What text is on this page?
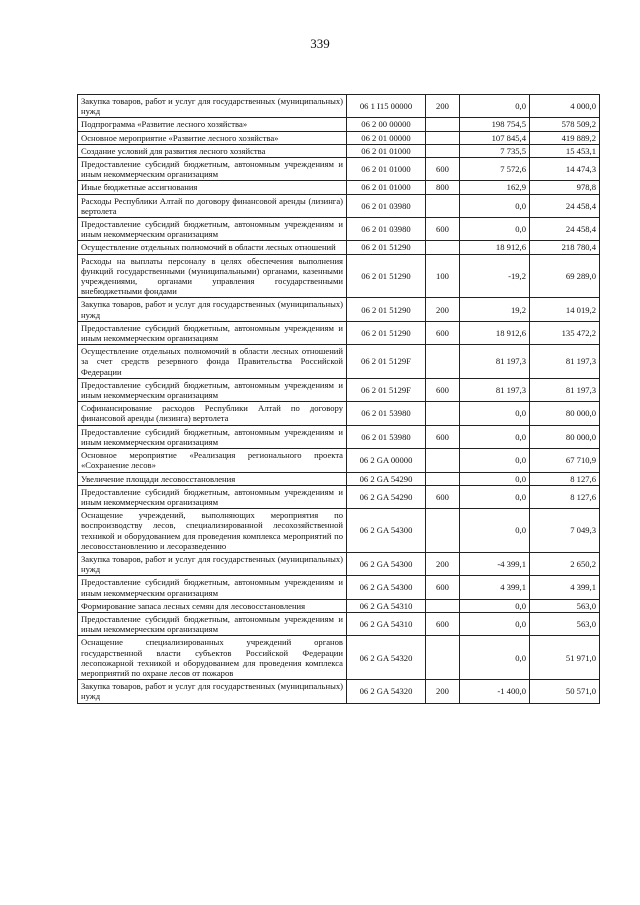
339
Закупка товаров, работ и услуг для государственных (муниципальных) нужд	06 1 I15 00000	200	0,0	4 000,0
Подпрограмма «Развитие лесного хозяйства»	06 2 00 00000		198 754,5	578 509,2
Основное мероприятие «Развитие лесного хозяйства»	06 2 01 00000		107 845,4	419 889,2
Создание условий для развития лесного хозяйства	06 2 01 01000		7 735,5	15 453,1
Предоставление субсидий бюджетным, автономным учреждениям и иным некоммерческим организациям	06 2 01 01000	600	7 572,6	14 474,3
Иные бюджетные ассигнования	06 2 01 01000	800	162,9	978,8
Расходы Республики Алтай по договору финансовой аренды (лизинга) вертолета	06 2 01 03980		0,0	24 458,4
Предоставление субсидий бюджетным, автономным учреждениям и иным некоммерческим организациям	06 2 01 03980	600	0,0	24 458,4
Осуществление отдельных полномочий в области лесных отношений	06 2 01 51290		18 912,6	218 780,4
Расходы на выплаты персоналу в целях обеспечения выполнения функций государственными (муниципальными) органами, казенными учреждениями, органами управления государственными внебюджетными фондами	06 2 01 51290	100	-19,2	69 289,0
Закупка товаров, работ и услуг для государственных (муниципальных) нужд	06 2 01 51290	200	19,2	14 019,2
Предоставление субсидий бюджетным, автономным учреждениям и иным некоммерческим организациям	06 2 01 51290	600	18 912,6	135 472,2
Осуществление отдельных полномочий в области лесных отношений за счет средств резервного фонда Правительства Российской Федерации	06 2 01 5129F		81 197,3	81 197,3
Предоставление субсидий бюджетным, автономным учреждениям и иным некоммерческим организациям	06 2 01 5129F	600	81 197,3	81 197,3
Софинансирование расходов Республики Алтай по договору финансовой аренды (лизинга) вертолета	06 2 01 53980		0,0	80 000,0
Предоставление субсидий бюджетным, автономным учреждениям и иным некоммерческим организациям	06 2 01 53980	600	0,0	80 000,0
Основное мероприятие «Реализация регионального проекта «Сохранение лесов»	06 2 GA 00000		0,0	67 710,9
Увеличение площади лесовосстановления	06 2 GA 54290		0,0	8 127,6
Предоставление субсидий бюджетным, автономным учреждениям и иным некоммерческим организациям	06 2 GA 54290	600	0,0	8 127,6
Оснащение учреждений, выполняющих мероприятия по воспроизводству лесов, специализированной лесохозяйственной техникой и оборудованием для проведения комплекса мероприятий по лесовосстановлению и лесоразведению	06 2 GA 54300		0,0	7 049,3
Закупка товаров, работ и услуг для государственных (муниципальных) нужд	06 2 GA 54300	200	-4 399,1	2 650,2
Предоставление субсидий бюджетным, автономным учреждениям и иным некоммерческим организациям	06 2 GA 54300	600	4 399,1	4 399,1
Формирование запаса лесных семян для лесовосстановления	06 2 GA 54310		0,0	563,0
Предоставление субсидий бюджетным, автономным учреждениям и иным некоммерческим организациям	06 2 GA 54310	600	0,0	563,0
Оснащение специализированных учреждений органов государственной власти субъектов Российской Федерации лесопожарной техникой и оборудованием для проведения комплекса мероприятий по охране лесов от пожаров	06 2 GA 54320		0,0	51 971,0
Закупка товаров, работ и услуг для государственных (муниципальных) нужд	06 2 GA 54320	200	-1 400,0	50 571,0
